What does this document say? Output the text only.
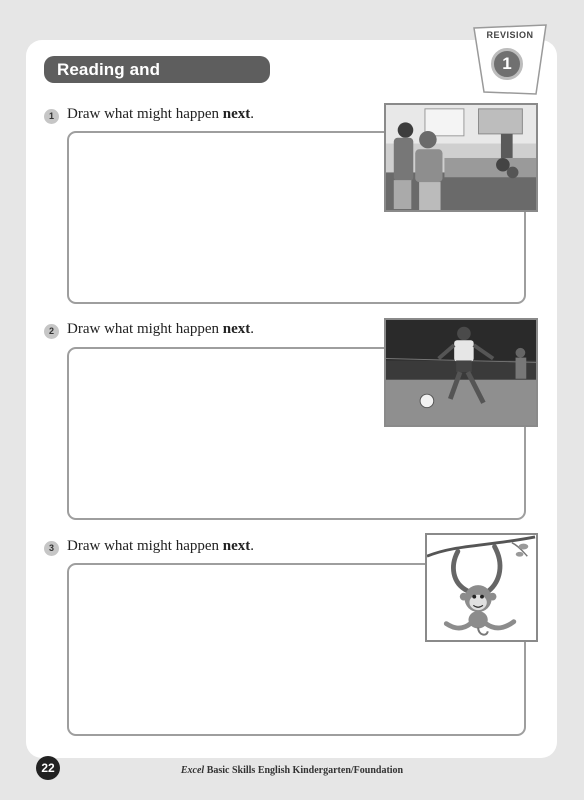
Reading and Comprehension
REVISION
1
1 Draw what might happen next.
2 Draw what might happen next.
3 Draw what might happen next.
22	Excel Basic Skills English Kindergarten/Foundation
